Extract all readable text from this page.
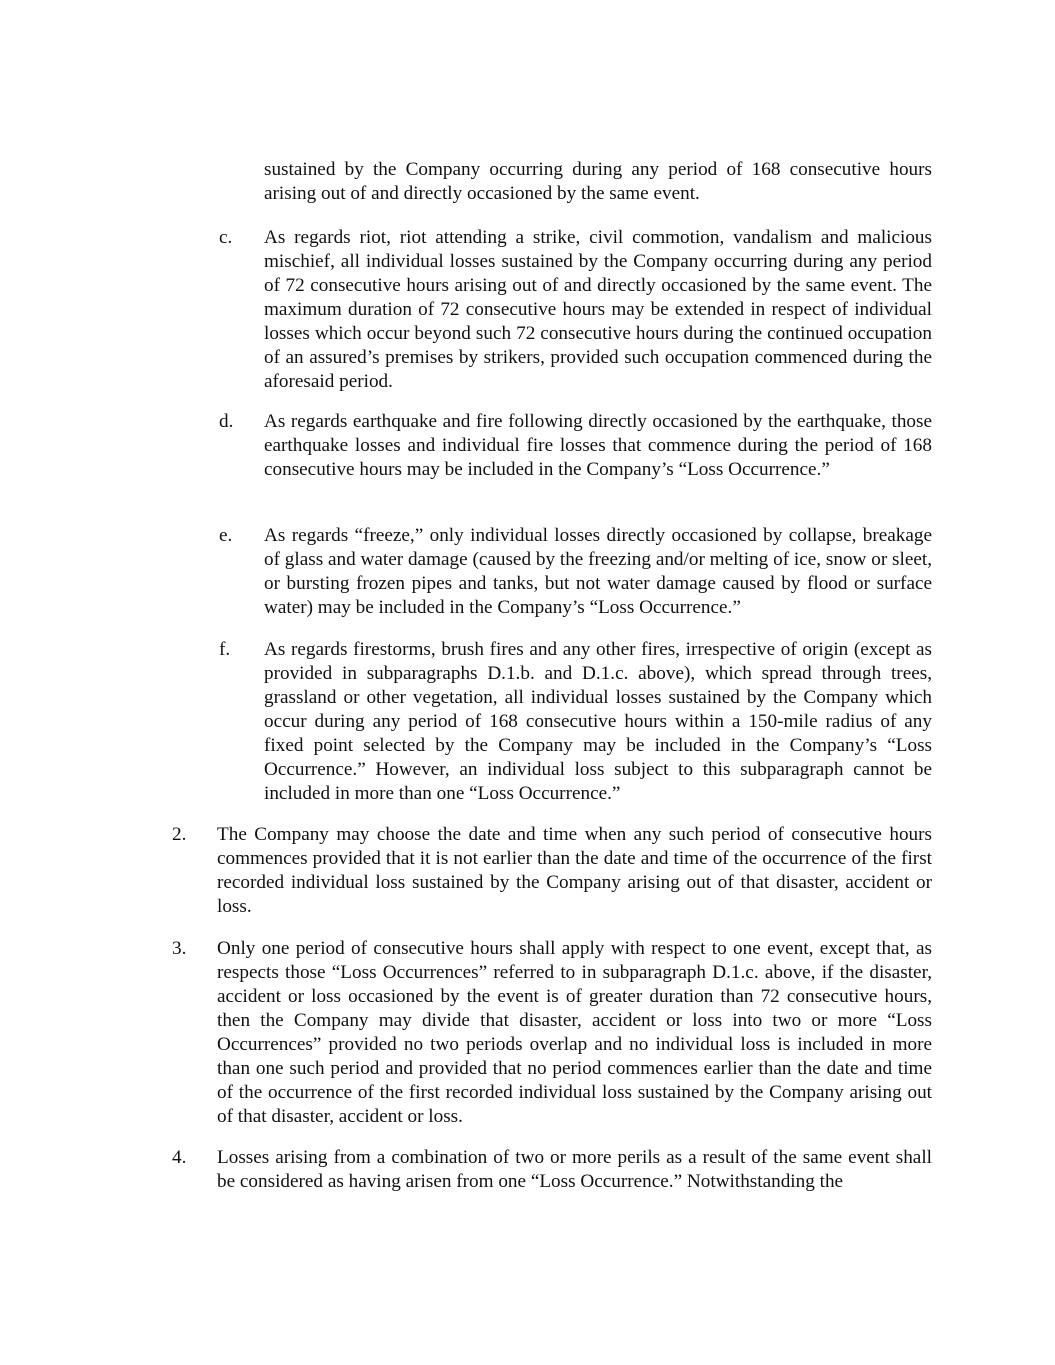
sustained by the Company occurring during any period of 168 consecutive hours arising out of and directly occasioned by the same event.

c. As regards riot, riot attending a strike, civil commotion, vandalism and malicious mischief, all individual losses sustained by the Company occurring during any period of 72 consecutive hours arising out of and directly occasioned by the same event. The maximum duration of 72 consecutive hours may be extended in respect of individual losses which occur beyond such 72 consecutive hours during the continued occupation of an assured’s premises by strikers, provided such occupation commenced during the aforesaid period.

d. As regards earthquake and fire following directly occasioned by the earthquake, those earthquake losses and individual fire losses that commence during the period of 168 consecutive hours may be included in the Company’s “Loss Occurrence.”

e. As regards “freeze,” only individual losses directly occasioned by collapse, breakage of glass and water damage (caused by the freezing and/or melting of ice, snow or sleet, or bursting frozen pipes and tanks, but not water damage caused by flood or surface water) may be included in the Company’s “Loss Occurrence.”

f. As regards firestorms, brush fires and any other fires, irrespective of origin (except as provided in subparagraphs D.1.b. and D.1.c. above), which spread through trees, grassland or other vegetation, all individual losses sustained by the Company which occur during any period of 168 consecutive hours within a 150-mile radius of any fixed point selected by the Company may be included in the Company’s “Loss Occurrence.” However, an individual loss subject to this subparagraph cannot be included in more than one “Loss Occurrence.”

2. The Company may choose the date and time when any such period of consecutive hours commences provided that it is not earlier than the date and time of the occurrence of the first recorded individual loss sustained by the Company arising out of that disaster, accident or loss.

3. Only one period of consecutive hours shall apply with respect to one event, except that, as respects those “Loss Occurrences” referred to in subparagraph D.1.c. above, if the disaster, accident or loss occasioned by the event is of greater duration than 72 consecutive hours, then the Company may divide that disaster, accident or loss into two or more “Loss Occurrences” provided no two periods overlap and no individual loss is included in more than one such period and provided that no period commences earlier than the date and time of the occurrence of the first recorded individual loss sustained by the Company arising out of that disaster, accident or loss.

4. Losses arising from a combination of two or more perils as a result of the same event shall be considered as having arisen from one “Loss Occurrence.” Notwithstanding the
